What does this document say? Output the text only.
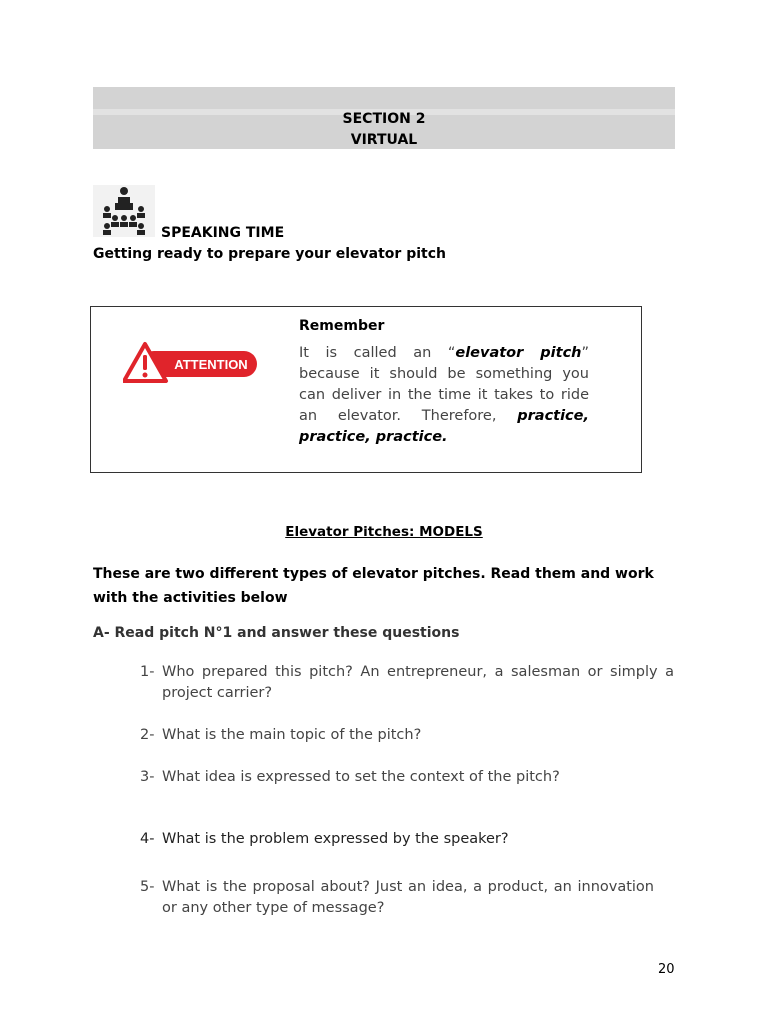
SECTION 2
VIRTUAL
SPEAKING TIME
Getting ready to prepare your elevator pitch
ATTENTION
Remember
It is called an “elevator pitch” because it should be something you can deliver in the time it takes to ride an elevator. Therefore, practice, practice, practice.
Elevator Pitches: MODELS
These are two different types of elevator pitches. Read them and work with the activities below
A- Read pitch N°1 and answer these questions
1- Who prepared this pitch? An entrepreneur, a salesman or simply a project carrier?
2- What is the main topic of the pitch?
3- What idea is expressed to set the context of the pitch?
4- What is the problem expressed by the speaker?
5- What is the proposal about? Just an idea, a product, an innovation or any other type of message?
20
